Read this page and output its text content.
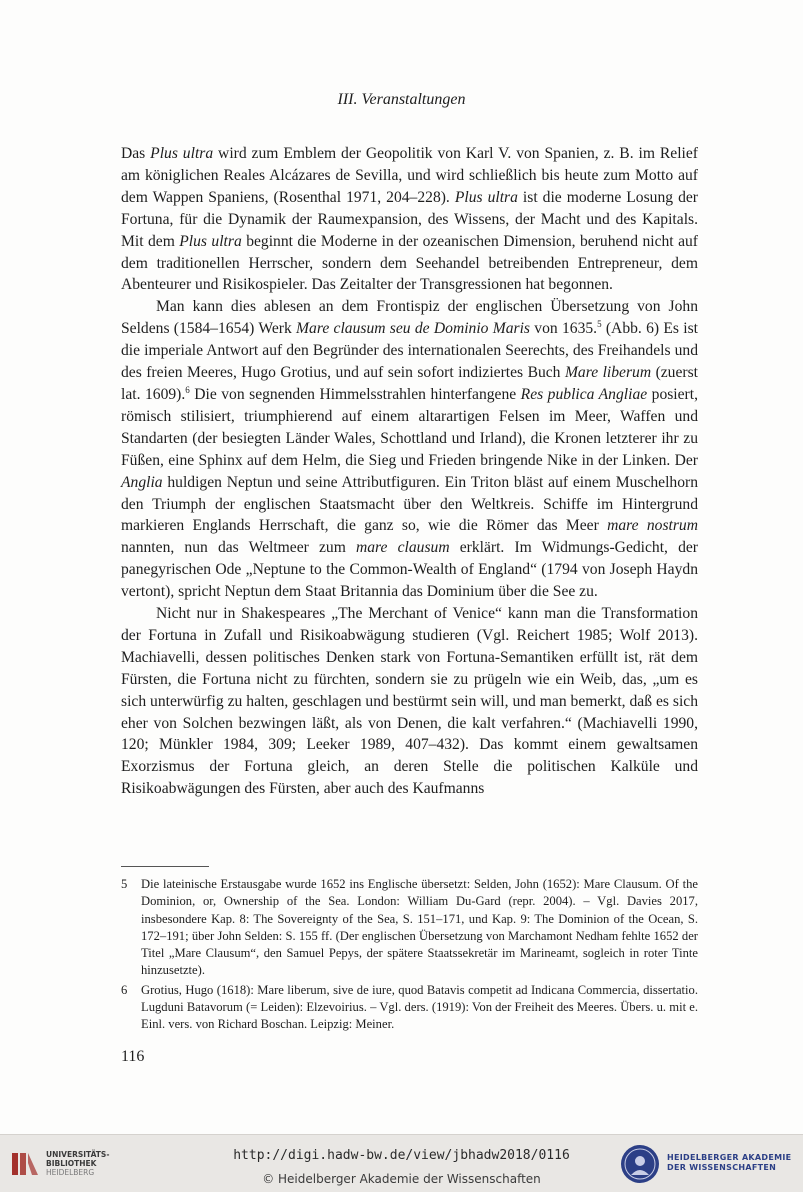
III. Veranstaltungen

Das Plus ultra wird zum Emblem der Geopolitik von Karl V. von Spanien, z. B. im Relief am königlichen Reales Alcázares de Sevilla, und wird schließlich bis heute zum Motto auf dem Wappen Spaniens, (Rosenthal 1971, 204–228). Plus ultra ist die moderne Losung der Fortuna, für die Dynamik der Raumexpansion, des Wissens, der Macht und des Kapitals. Mit dem Plus ultra beginnt die Moderne in der ozeanischen Dimension, beruhend nicht auf dem traditionellen Herrscher, sondern dem Seehandel betreibenden Entrepreneur, dem Abenteurer und Risikospieler. Das Zeitalter der Transgressionen hat begonnen.

Man kann dies ablesen an dem Frontispiz der englischen Übersetzung von John Seldens (1584–1654) Werk Mare clausum seu de Dominio Maris von 1635.$^5$ (Abb. 6) Es ist die imperiale Antwort auf den Begründer des internationalen Seerechts, des Freihandels und des freien Meeres, Hugo Grotius, und auf sein sofort indiziertes Buch Mare liberum (zuerst lat. 1609).$^6$ Die von segnenden Himmelsstrahlen hinterfangene Res publica Angliae posiert, römisch stilisiert, triumphierend auf einem altarartigen Felsen im Meer, Waffen und Standarten (der besiegten Länder Wales, Schottland und Irland), die Kronen letzterer ihr zu Füßen, eine Sphinx auf dem Helm, die Sieg und Frieden bringende Nike in der Linken. Der Anglia huldigen Neptun und seine Attributfiguren. Ein Triton bläst auf einem Muschelhorn den Triumph der englischen Staatsmacht über den Weltkreis. Schiffe im Hintergrund markieren Englands Herrschaft, die ganz so, wie die Römer das Meer mare nostrum nannten, nun das Weltmeer zum mare clausum erklärt. Im Widmungs-Gedicht, der panegyrischen Ode „Neptune to the Common-Wealth of England“ (1794 von Joseph Haydn vertont), spricht Neptun dem Staat Britannia das Dominium über die See zu.

Nicht nur in Shakespeares „The Merchant of Venice“ kann man die Transformation der Fortuna in Zufall und Risikoabwägung studieren (Vgl. Reichert 1985; Wolf 2013). Machiavelli, dessen politisches Denken stark von Fortuna-Semantiken erfüllt ist, rät dem Fürsten, die Fortuna nicht zu fürchten, sondern sie zu prügeln wie ein Weib, das, „um es sich unterwürfig zu halten, geschlagen und bestürmt sein will, und man bemerkt, daß es sich eher von Solchen bezwingen läßt, als von Denen, die kalt verfahren.“ (Machiavelli 1990, 120; Münkler 1984, 309; Leeker 1989, 407–432). Das kommt einem gewaltsamen Exorzismus der Fortuna gleich, an deren Stelle die politischen Kalküle und Risikoabwägungen des Fürsten, aber auch des Kaufmanns

5 Die lateinische Erstausgabe wurde 1652 ins Englische übersetzt: Selden, John (1652): Mare Clausum. Of the Dominion, or, Ownership of the Sea. London: William Du-Gard (repr. 2004). – Vgl. Davies 2017, insbesondere Kap. 8: The Sovereignty of the Sea, S. 151–171, und Kap. 9: The Dominion of the Ocean, S. 172–191; über John Selden: S. 155 ff. (Der englischen Übersetzung von Marchamont Nedham fehlte 1652 der Titel „Mare Clausum“, den Samuel Pepys, der spätere Staatssekretär im Marineamt, sogleich in roter Tinte hinzusetzte).
6 Grotius, Hugo (1618): Mare liberum, sive de iure, quod Batavis competit ad Indicana Commercia, dissertatio. Lugduni Batavorum (= Leiden): Elzevoirius. – Vgl. ders. (1919): Von der Freiheit des Meeres. Übers. u. mit e. Einl. vers. von Richard Boschan. Leipzig: Meiner.
116
UNIVERSITÄTS-
BIBLIOTHEK
HEIDELBERG
http://digi.hadw-bw.de/view/jbhadw2018/0116
© Heidelberger Akademie der Wissenschaften
HEIDELBERGER AKADEMIE
DER WISSENSCHAFTEN
